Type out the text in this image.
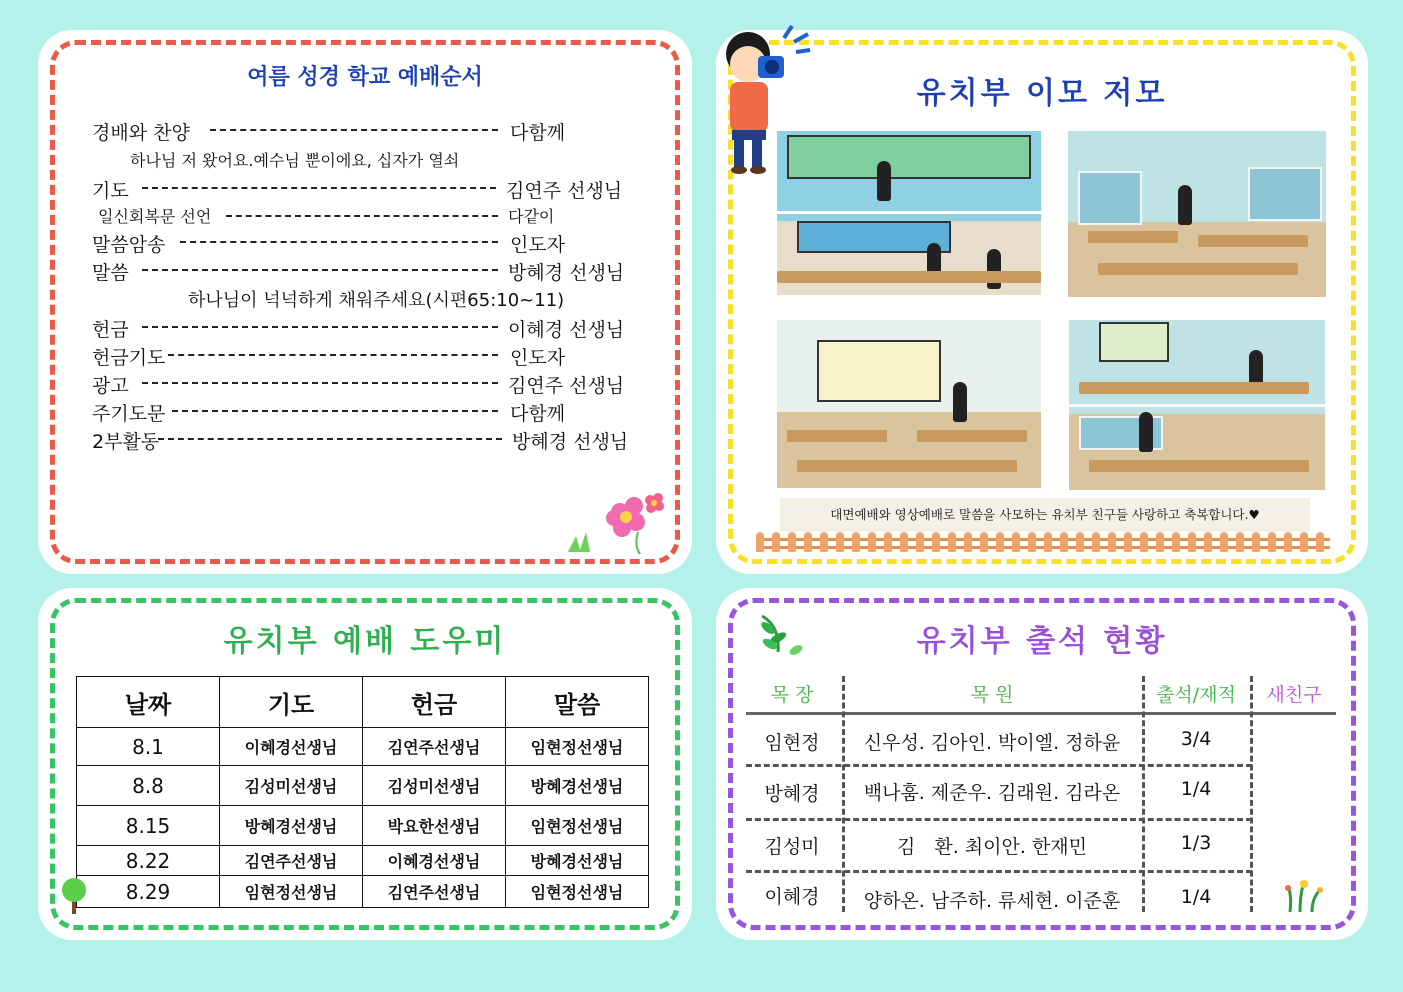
여름 성경 학교 예배순서
경배와 찬양	다함께
하나님 저 왔어요.예수님 뿐이에요, 십자가 열쇠
기도	김연주 선생님
일신회복문 선언	다같이
말씀암송	인도자
말씀	방혜경 선생님
하나님이 넉넉하게 채워주세요(시편65:10~11)
헌금	이혜경 선생님
헌금기도	인도자
광고	김연주 선생님
주기도문	다함께
2부활동	방혜경 선생님
유치부 이모 저모
대면예배와 영상예배로 말씀을 사모하는 유치부 친구들 사랑하고 축복합니다.♥
유치부 예배 도우미
날짜	기도	헌금	말씀
8.1	이혜경선생님	김연주선생님	임현정선생님
8.8	김성미선생님	김성미선생님	방혜경선생님
8.15	방혜경선생님	박요한선생님	임현정선생님
8.22	김연주선생님	이혜경선생님	방혜경선생님
8.29	임현정선생님	김연주선생님	임현정선생님
유치부 출석 현황
목 장	목 원	출석/재적	새친구
임현정	신우성. 김아인. 박이엘. 정하윤	3/4
방혜경	백나훔. 제준우. 김래원. 김라온	1/4
김성미	김　환. 최이안. 한재민	1/3
이혜경	양하온. 남주하. 류세현. 이준훈	1/4
